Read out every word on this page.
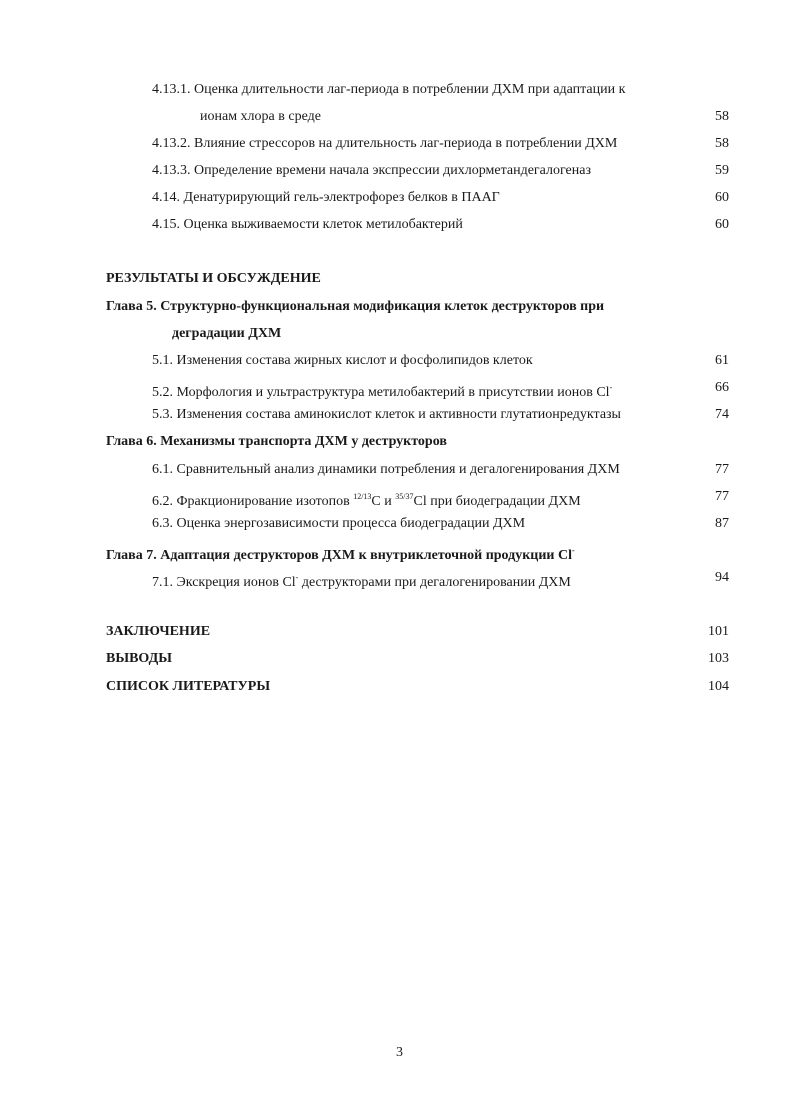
4.13.1. Оценка длительности лаг-периода в потреблении ДХМ при адаптации к
ионам хлора в среде	58
4.13.2. Влияние стрессоров на длительность лаг-периода в потреблении ДХМ	58
4.13.3. Определение времени начала экспрессии дихлорметандегалогеназ	59
4.14. Денатурирующий гель-электрофорез белков в ПААГ	60
4.15. Оценка выживаемости клеток метилобактерий	60
РЕЗУЛЬТАТЫ И ОБСУЖДЕНИЕ
Глава 5. Структурно-функциональная модификация клеток деструкторов при
деградации ДХМ
5.1. Изменения состава жирных кислот и фосфолипидов клеток	61
5.2. Морфология и ультраструктура метилобактерий в присутствии ионов Cl-	66
5.3. Изменения состава аминокислот клеток и активности глутатионредуктазы	74
Глава 6. Механизмы транспорта ДХМ у деструкторов
6.1. Сравнительный анализ динамики потребления и дегалогенирования ДХМ	77
6.2. Фракционирование изотопов $^{12/13}$C и $^{35/37}$Cl при биодеградации ДХМ	77
6.3. Оценка энергозависимости процесса биодеградации ДХМ	87
Глава 7. Адаптация деструкторов ДХМ к внутриклеточной продукции Cl-
7.1. Экскреция ионов Cl- деструкторами при дегалогенировании ДХМ	94
ЗАКЛЮЧЕНИЕ	101
ВЫВОДЫ	103
СПИСОК ЛИТЕРАТУРЫ	104
3
